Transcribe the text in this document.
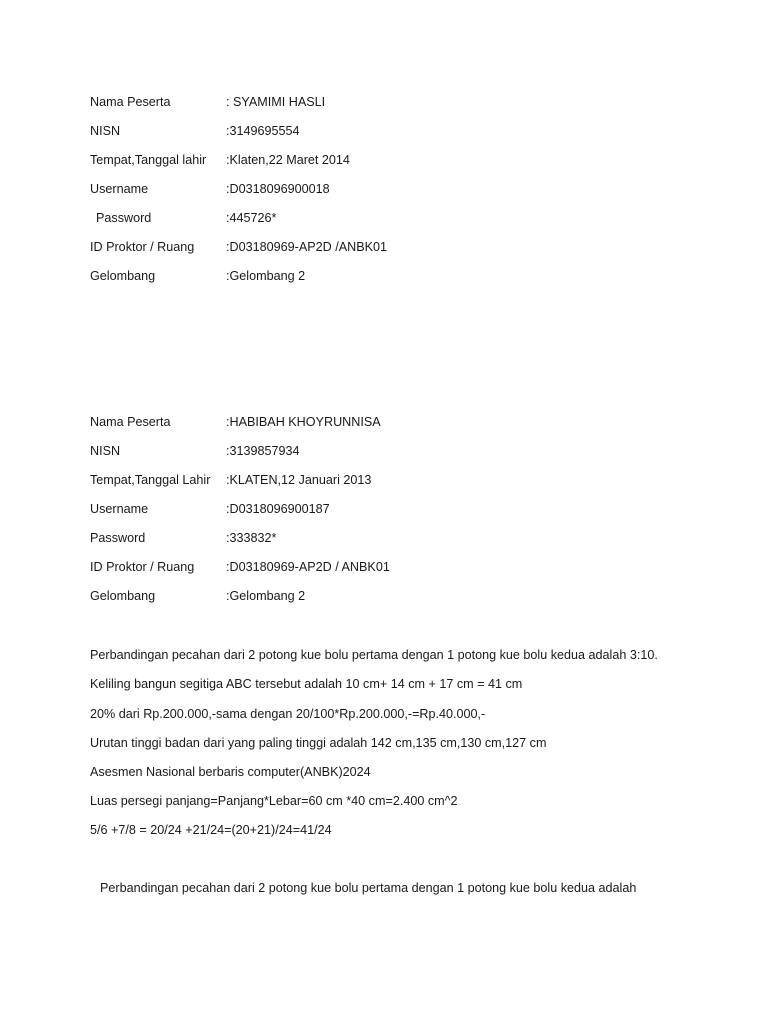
Nama Peserta	: SYAMIMI HASLI
NISN	:3149695554
Tempat,Tanggal lahir	:Klaten,22 Maret 2014
Username	:D0318096900018
Password	:445726*
ID Proktor / Ruang	:D03180969-AP2D /ANBK01
Gelombang	:Gelombang 2
Nama Peserta	:HABIBAH KHOYRUNNISA
NISN	:3139857934
Tempat,Tanggal Lahir	:KLATEN,12 Januari 2013
Username	:D0318096900187
Password	:333832*
ID Proktor / Ruang	:D03180969-AP2D / ANBK01
Gelombang	:Gelombang 2
Perbandingan pecahan dari 2 potong kue bolu pertama dengan 1 potong kue bolu kedua adalah 3:10.
Keliling bangun segitiga ABC tersebut adalah 10 cm+ 14 cm + 17 cm = 41 cm
20% dari Rp.200.000,-sama dengan 20/100*Rp.200.000,-=Rp.40.000,-
Urutan tinggi badan dari yang paling tinggi adalah 142 cm,135 cm,130 cm,127 cm
Asesmen Nasional berbaris computer(ANBK)2024
Luas persegi panjang=Panjang*Lebar=60 cm *40 cm=2.400 cm^2
5/6 +7/8 = 20/24 +21/24=(20+21)/24=41/24
Perbandingan pecahan dari 2 potong kue bolu pertama dengan 1 potong kue bolu kedua adalah
